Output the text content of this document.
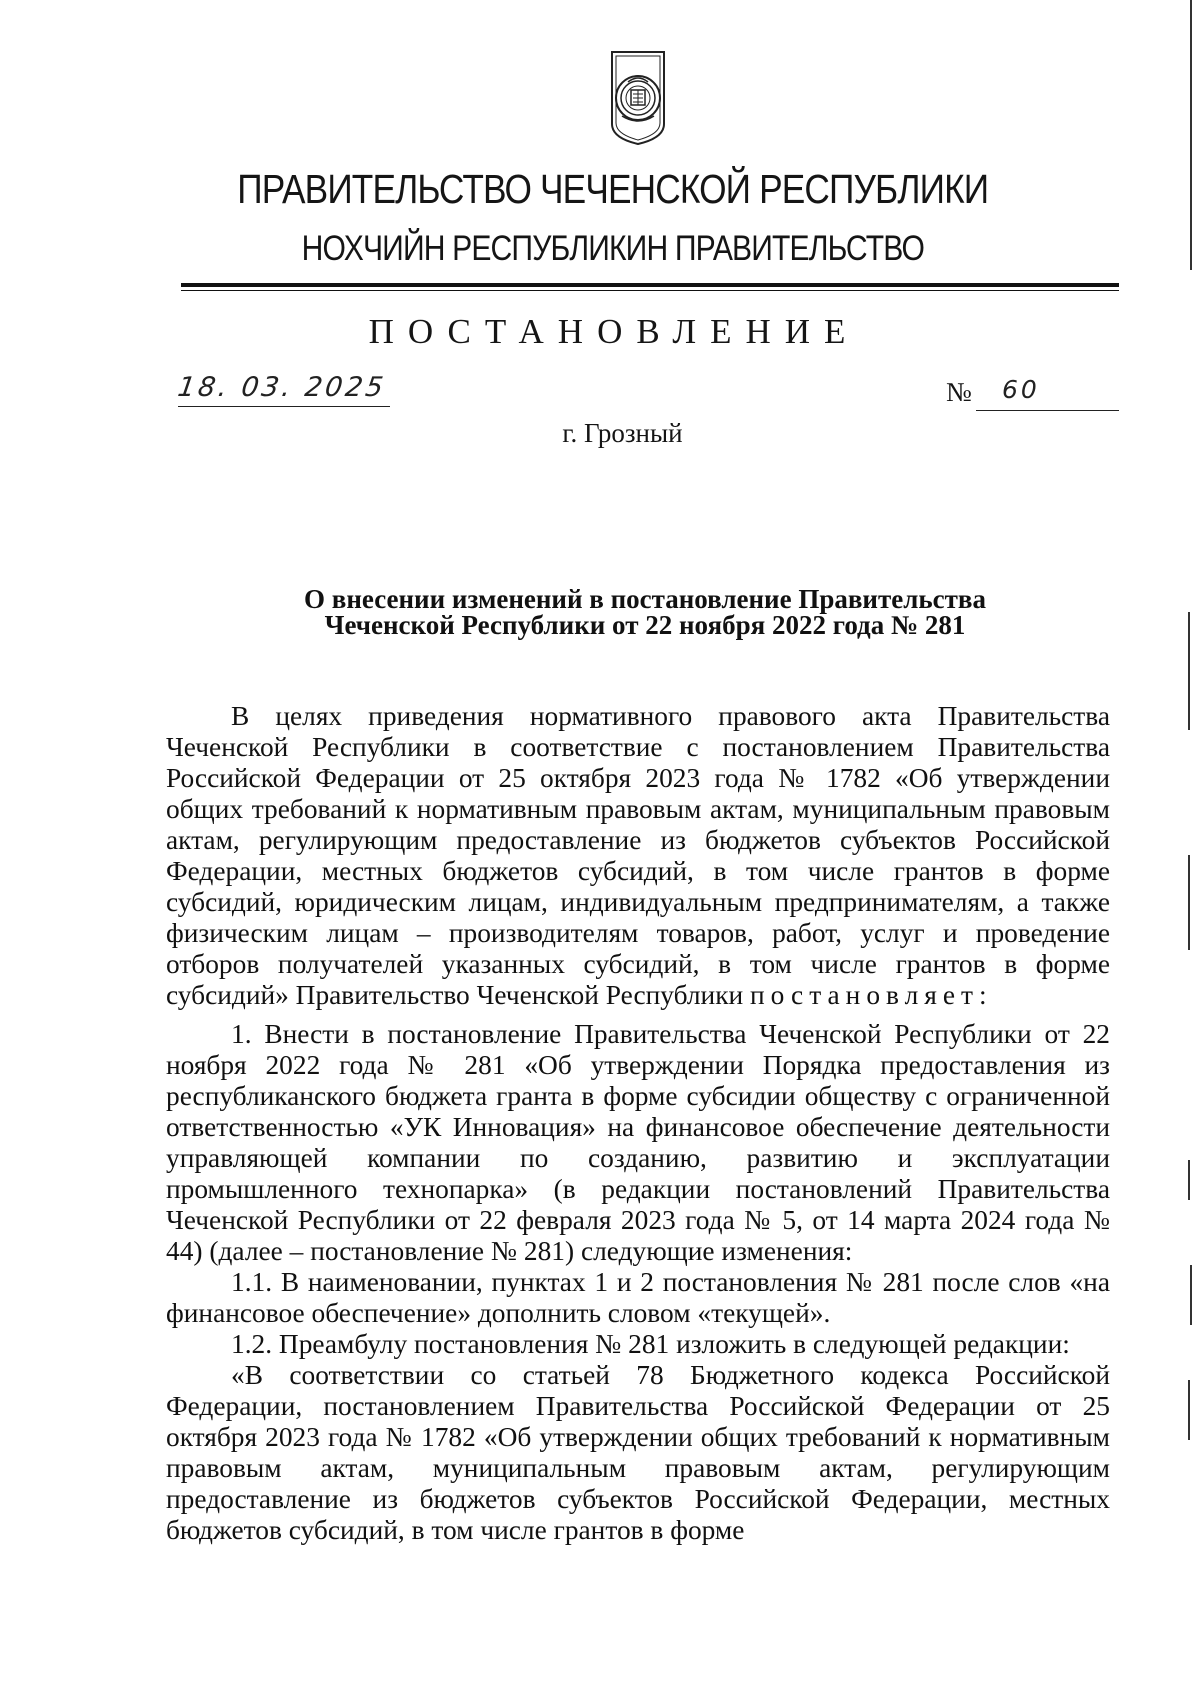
ПРАВИТЕЛЬСТВО ЧЕЧЕНСКОЙ РЕСПУБЛИКИ
НОХЧИЙН РЕСПУБЛИКИН ПРАВИТЕЛЬСТВО
ПОСТАНОВЛЕНИЕ
18. 03. 2025	№ 60
г. Грозный
О внесении изменений в постановление Правительства
Чеченской Республики от 22 ноября 2022 года № 281

В целях приведения нормативного правового акта Правительства Чеченской Республики в соответствие с постановлением Правительства Российской Федерации от 25 октября 2023 года № 1782 «Об утверждении общих требований к нормативным правовым актам, муниципальным правовым актам, регулирующим предоставление из бюджетов субъектов Российской Федерации, местных бюджетов субсидий, в том числе грантов в форме субсидий, юридическим лицам, индивидуальным предпринимателям, а также физическим лицам – производителям товаров, работ, услуг и проведение отборов получателей указанных субсидий, в том числе грантов в форме субсидий» Правительство Чеченской Республики постановляет:

1. Внести в постановление Правительства Чеченской Республики от 22 ноября 2022 года № 281 «Об утверждении Порядка предоставления из республиканского бюджета гранта в форме субсидии обществу с ограниченной ответственностью «УК Инновация» на финансовое обеспечение деятельности управляющей компании по созданию, развитию и эксплуатации промышленного технопарка» (в редакции постановлений Правительства Чеченской Республики от 22 февраля 2023 года № 5, от 14 марта 2024 года № 44) (далее – постановление № 281) следующие изменения:

1.1. В наименовании, пунктах 1 и 2 постановления № 281 после слов «на финансовое обеспечение» дополнить словом «текущей».

1.2. Преамбулу постановления № 281 изложить в следующей редакции:

«В соответствии со статьей 78 Бюджетного кодекса Российской Федерации, постановлением Правительства Российской Федерации от 25 октября 2023 года № 1782 «Об утверждении общих требований к нормативным правовым актам, муниципальным правовым актам, регулирующим предоставление из бюджетов субъектов Российской Федерации, местных бюджетов субсидий, в том числе грантов в форме
